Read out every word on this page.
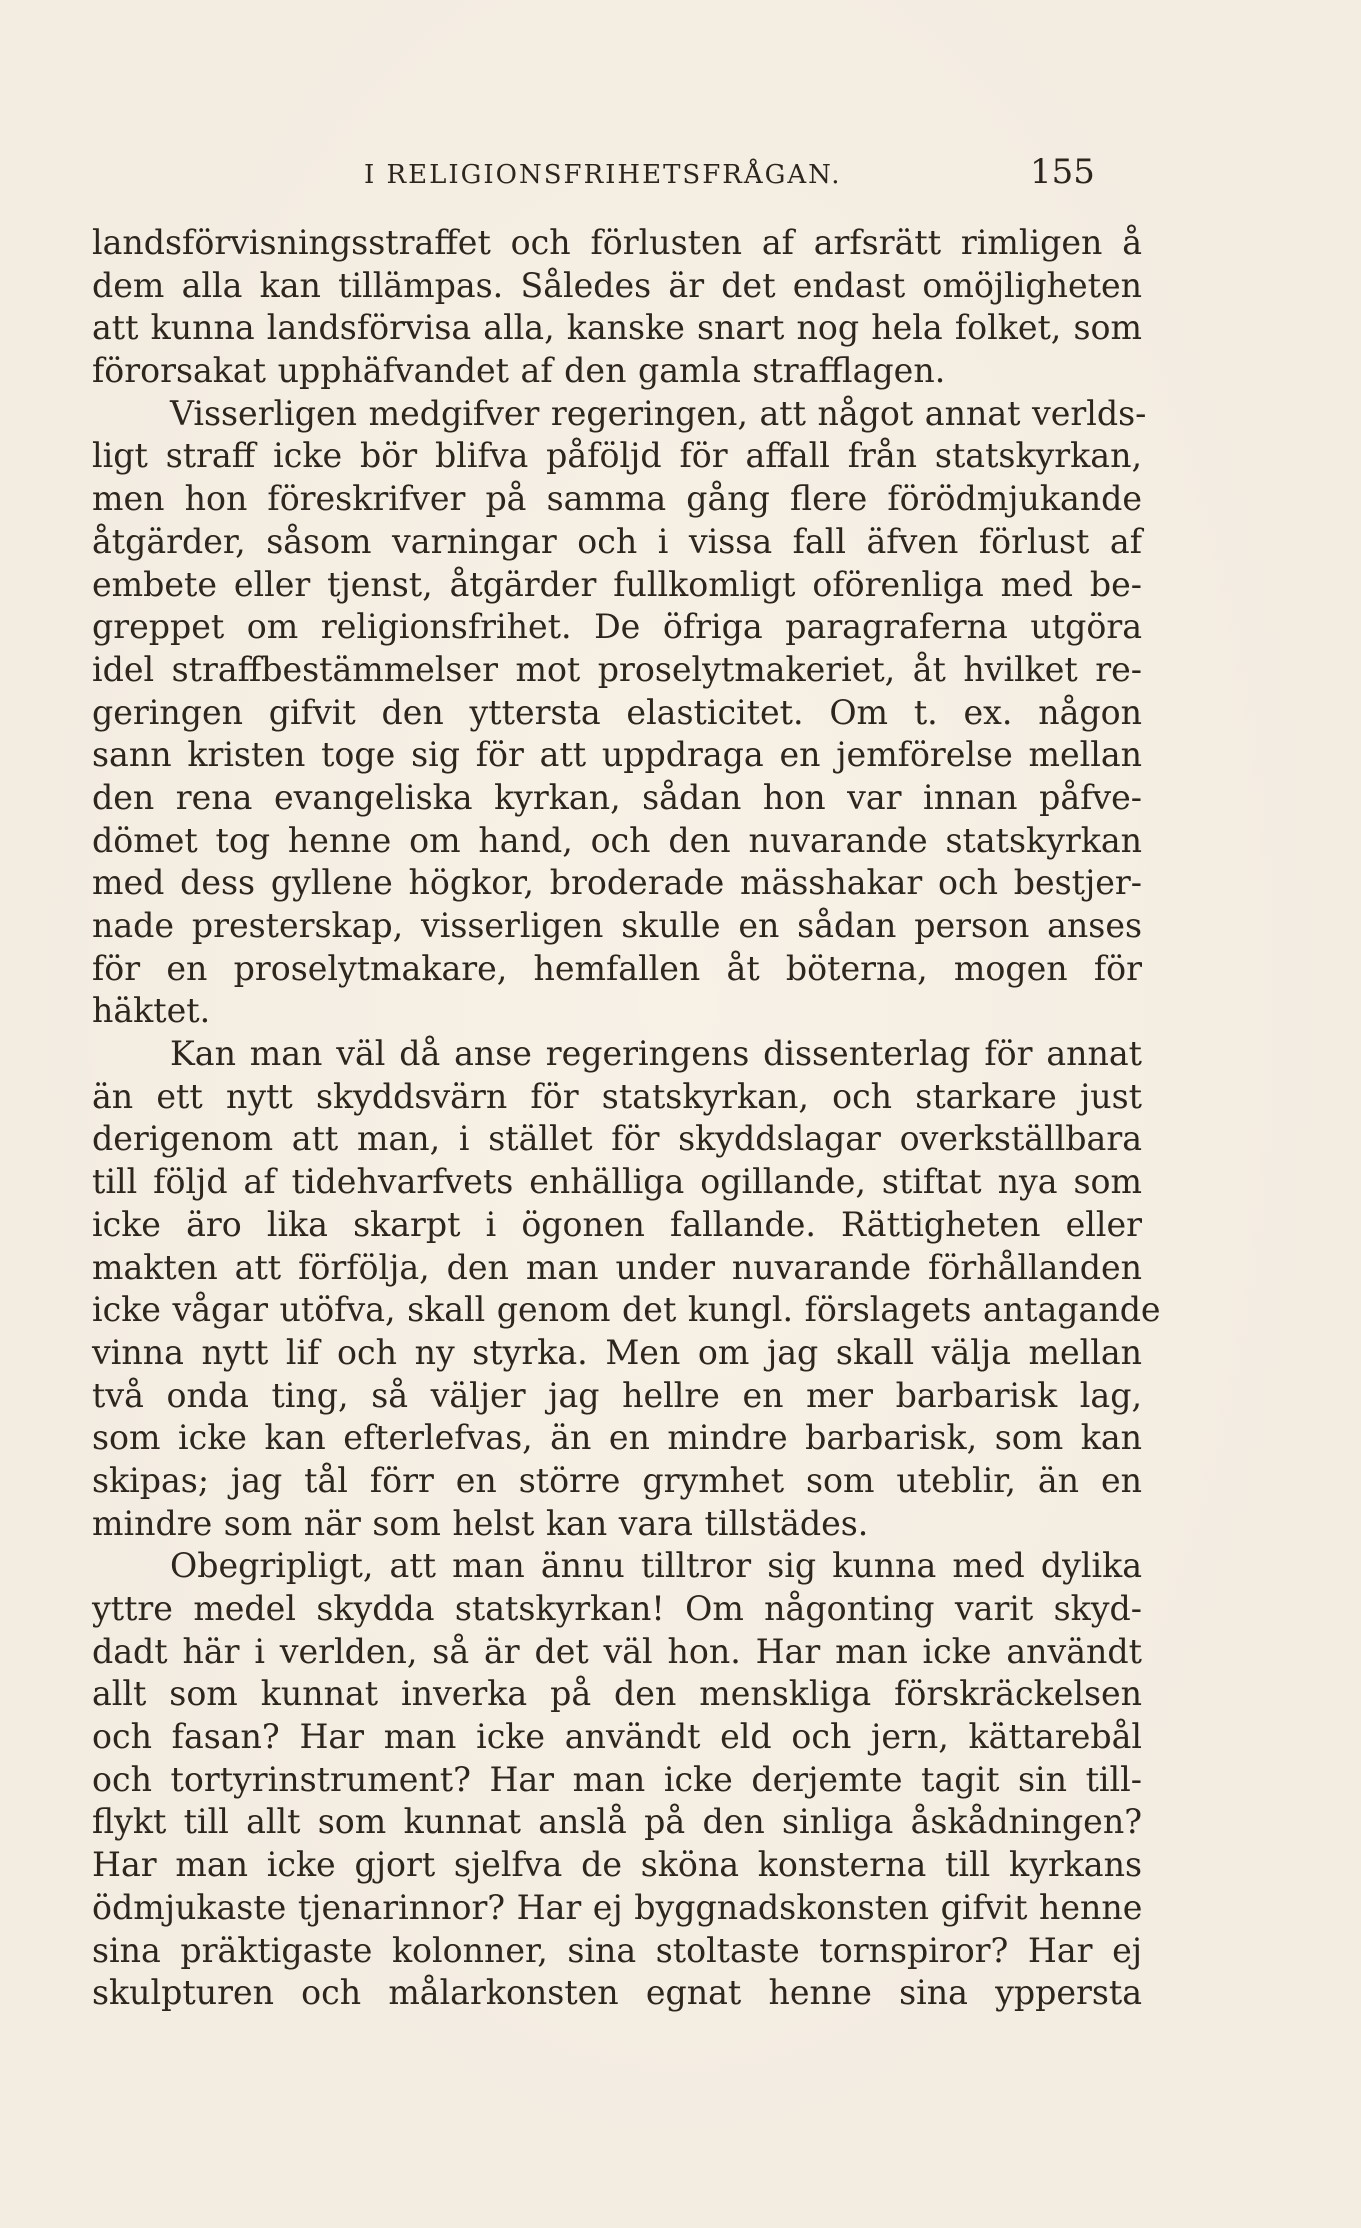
I RELIGIONSFRIHETSFRÅGAN.	155
landsförvisningsstraffet och förlusten af arfsrätt rimligen å
dem alla kan tillämpas. Således är det endast omöjligheten
att kunna landsförvisa alla, kanske snart nog hela folket, som
förorsakat upphäfvandet af den gamla strafflagen.
Visserligen medgifver regeringen, att något annat verlds-
ligt straff icke bör blifva påföljd för affall från statskyrkan,
men hon föreskrifver på samma gång flere förödmjukande
åtgärder, såsom varningar och i vissa fall äfven förlust af
embete eller tjenst, åtgärder fullkomligt oförenliga med be-
greppet om religionsfrihet. De öfriga paragraferna utgöra
idel straffbestämmelser mot proselytmakeriet, åt hvilket re-
geringen gifvit den yttersta elasticitet. Om t. ex. någon
sann kristen toge sig för att uppdraga en jemförelse mellan
den rena evangeliska kyrkan, sådan hon var innan påfve-
dömet tog henne om hand, och den nuvarande statskyrkan
med dess gyllene högkor, broderade mässhakar och bestjer-
nade presterskap, visserligen skulle en sådan person anses
för en proselytmakare, hemfallen åt böterna, mogen för
häktet.
Kan man väl då anse regeringens dissenterlag för annat
än ett nytt skyddsvärn för statskyrkan, och starkare just
derigenom att man, i stället för skyddslagar overkställbara
till följd af tidehvarfvets enhälliga ogillande, stiftat nya som
icke äro lika skarpt i ögonen fallande. Rättigheten eller
makten att förfölja, den man under nuvarande förhållanden
icke vågar utöfva, skall genom det kungl. förslagets antagande
vinna nytt lif och ny styrka. Men om jag skall välja mellan
två onda ting, så väljer jag hellre en mer barbarisk lag,
som icke kan efterlefvas, än en mindre barbarisk, som kan
skipas; jag tål förr en större grymhet som uteblir, än en
mindre som när som helst kan vara tillstädes.
Obegripligt, att man ännu tilltror sig kunna med dylika
yttre medel skydda statskyrkan! Om någonting varit skyd-
dadt här i verlden, så är det väl hon. Har man icke användt
allt som kunnat inverka på den menskliga förskräckelsen
och fasan? Har man icke användt eld och jern, kättarebål
och tortyrinstrument? Har man icke derjemte tagit sin till-
flykt till allt som kunnat anslå på den sinliga åskådningen?
Har man icke gjort sjelfva de sköna konsterna till kyrkans
ödmjukaste tjenarinnor? Har ej byggnadskonsten gifvit henne
sina präktigaste kolonner, sina stoltaste tornspiror? Har ej
skulpturen och målarkonsten egnat henne sina yppersta
